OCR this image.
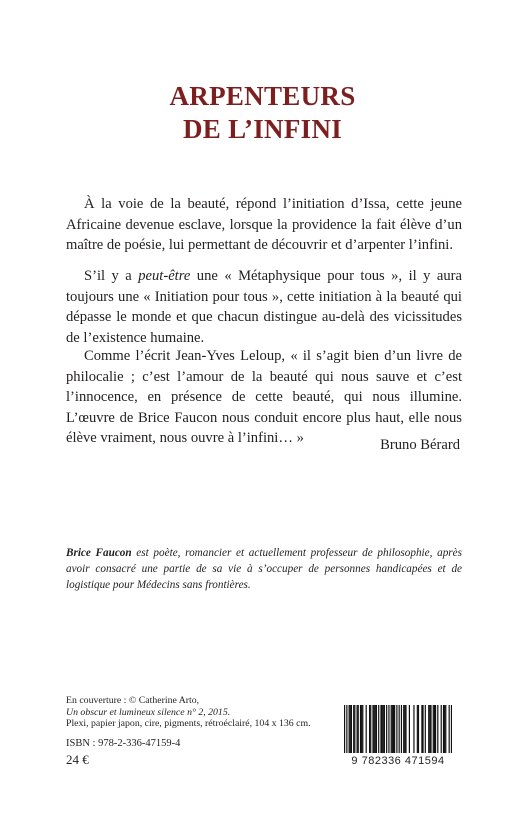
ARPENTEURS
DE L’INFINI

À la voie de la beauté, répond l’initiation d’Issa, cette jeune Africaine devenue esclave, lorsque la providence la fait élève d’un maître de poésie, lui permettant de découvrir et d’arpenter l’infini.

S’il y a peut-être une « Métaphysique pour tous », il y aura toujours une « Initiation pour tous », cette initiation à la beauté qui dépasse le monde et que chacun distingue au-delà des vicissitudes de l’existence humaine.

Comme l’écrit Jean-Yves Leloup, « il s’agit bien d’un livre de philocalie ; c’est l’amour de la beauté qui nous sauve et c’est l’innocence, en présence de cette beauté, qui nous illumine. L’œuvre de Brice Faucon nous conduit encore plus haut, elle nous élève vraiment, nous ouvre à l’infini… »	Bruno Bérard
Brice Faucon est poète, romancier et actuellement professeur de philosophie, après avoir consacré une partie de sa vie à s’occuper de personnes handicapées et de logistique pour Médecins sans frontières.
En couverture : © Catherine Arto,
Un obscur et lumineux silence n° 2, 2015.
Plexi, papier japon, cire, pigments, rétroéclairé, 104 x 136 cm.
ISBN : 978-2-336-47159-4
24 €	9 782336 471594
